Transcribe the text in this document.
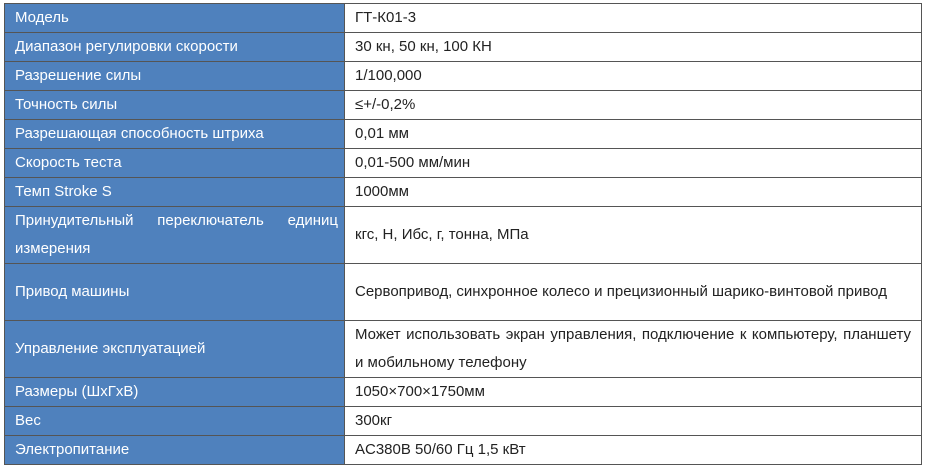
Модель	ГТ-К01-3
Диапазон регулировки скорости	30 кн, 50 кн, 100 КН
Разрешение силы	1/100,000
Точность силы	≤+/-0,2%
Разрешающая способность штриха	0,01 мм
Скорость теста	0,01-500 мм/мин
Темп Stroke S	1000мм
Принудительный переключатель единиц измерения	кгс, Н, Ибс, г, тонна, МПа
Привод машины	Сервопривод, синхронное колесо и прецизионный шарико-винтовой привод
Управление эксплуатацией	Может использовать экран управления, подключение к компьютеру, планшету и мобильному телефону
Размеры (ШхГхВ)	1050×700×1750мм
Вес	300кг
Электропитание	AC380В 50/60 Гц 1,5 кВт
